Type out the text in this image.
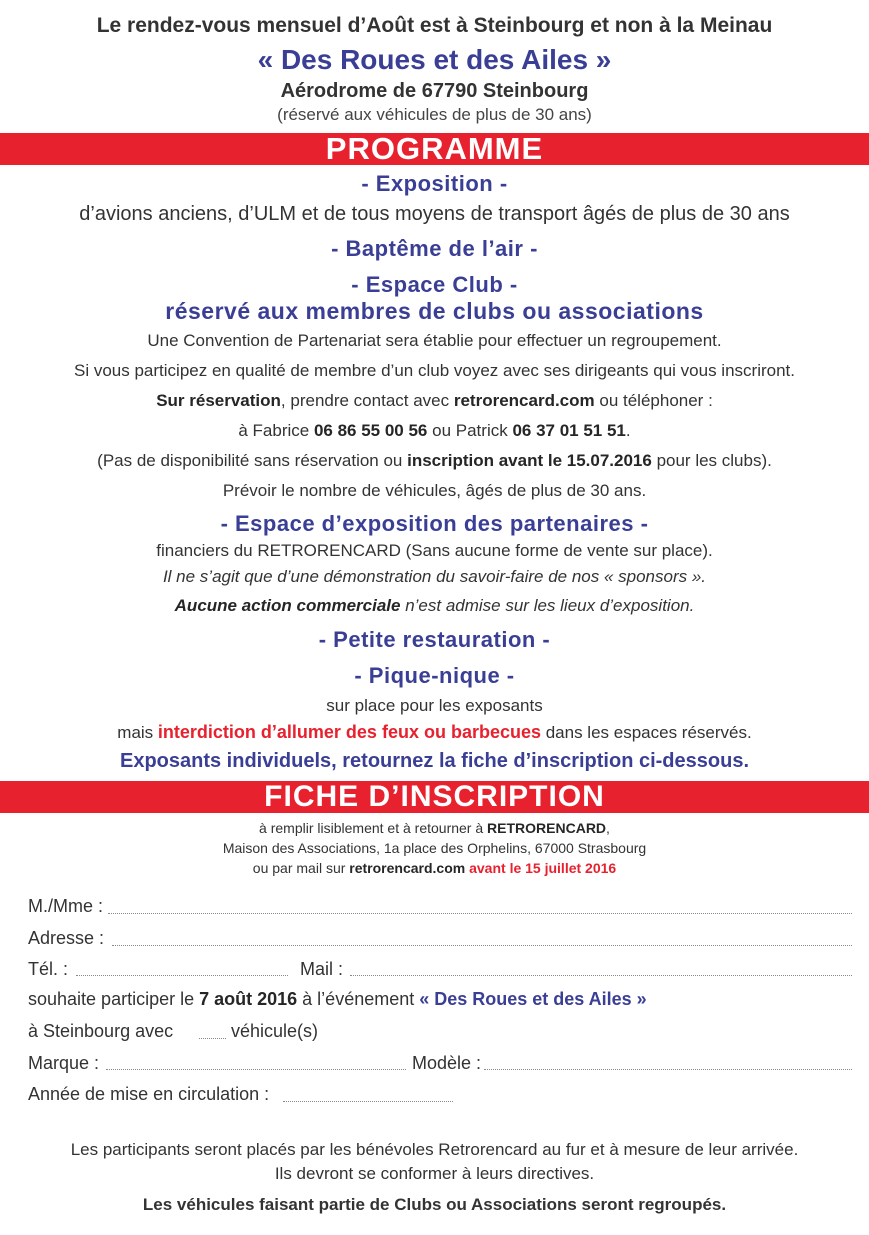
Le rendez-vous mensuel d’Août est à Steinbourg et non à la Meinau
« Des Roues et des Ailes »
Aérodrome de 67790 Steinbourg
(réservé aux véhicules de plus de 30 ans)
PROGRAMME
- Exposition -
d’avions anciens, d’ULM et de tous moyens de transport âgés de plus de 30 ans
- Baptême de l’air -
- Espace Club -
réservé aux membres de clubs ou associations
Une Convention de Partenariat sera établie pour effectuer un regroupement.
Si vous participez en qualité de membre d’un club voyez avec ses dirigeants qui vous inscriront.
Sur réservation, prendre contact avec retrorencard.com ou téléphoner :
à Fabrice 06 86 55 00 56 ou Patrick 06 37 01 51 51.
(Pas de disponibilité sans réservation ou inscription avant le 15.07.2016 pour les clubs).
Prévoir le nombre de véhicules, âgés de plus de 30 ans.
- Espace d’exposition des partenaires -
financiers du RETRORENCARD (Sans aucune forme de vente sur place).
Il ne s’agit que d’une démonstration du savoir-faire de nos « sponsors ».
Aucune action commerciale n’est admise sur les lieux d’exposition.
- Petite restauration -
- Pique-nique -
sur place pour les exposants
mais interdiction d’allumer des feux ou barbecues dans les espaces réservés.
Exposants individuels, retournez la fiche d’inscription ci-dessous.
FICHE D’INSCRIPTION
à remplir lisiblement et à retourner à RETRORENCARD,
Maison des Associations, 1a place des Orphelins, 67000 Strasbourg
ou par mail sur retrorencard.com avant le 15 juillet 2016
M./Mme :
Adresse :
Tél. :	Mail :
souhaite participer le 7 août 2016 à l’événement « Des Roues et des Ailes »
à Steinbourg avec	véhicule(s)
Marque :	Modèle :
Année de mise en circulation :
Les participants seront placés par les bénévoles Retrorencard au fur et à mesure de leur arrivée.
Ils devront se conformer à leurs directives.
Les véhicules faisant partie de Clubs ou Associations seront regroupés.
